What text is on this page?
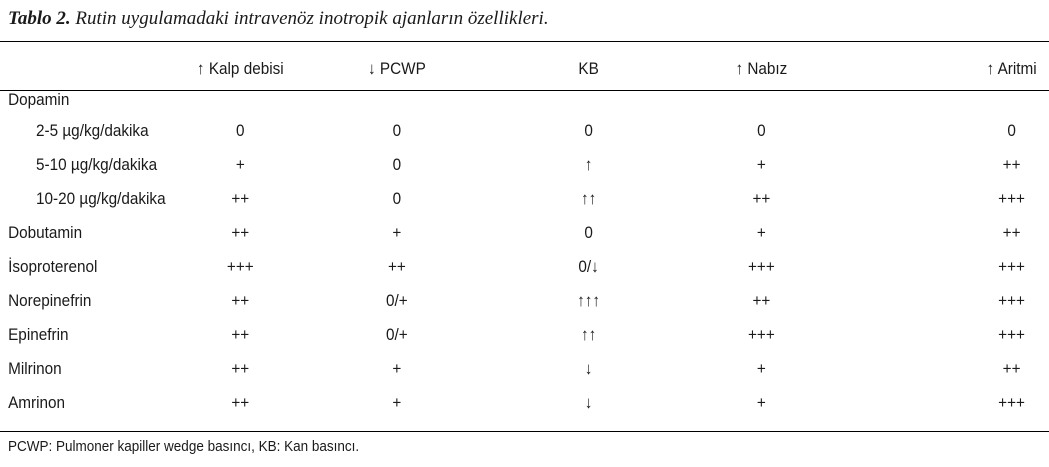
Tablo 2. Rutin uygulamadaki intravenöz inotropik ajanların özellikleri.
	↑ Kalp debisi	↓ PCWP	KB	↑ Nabız	↑ Aritmi
Dopamin					
2-5 µg/kg/dakika	0	0	0	0	0
5-10 µg/kg/dakika	+	0	↑	+	++
10-20 µg/kg/dakika	++	0	↑↑	++	+++
Dobutamin	++	+	0	+	++
İsoproterenol	+++	++	0/↓	+++	+++
Norepinefrin	++	0/+	↑↑↑	++	+++
Epinefrin	++	0/+	↑↑	+++	+++
Milrinon	++	+	↓	+	++
Amrinon	++	+	↓	+	+++
PCWP: Pulmoner kapiller wedge basıncı, KB: Kan basıncı.
